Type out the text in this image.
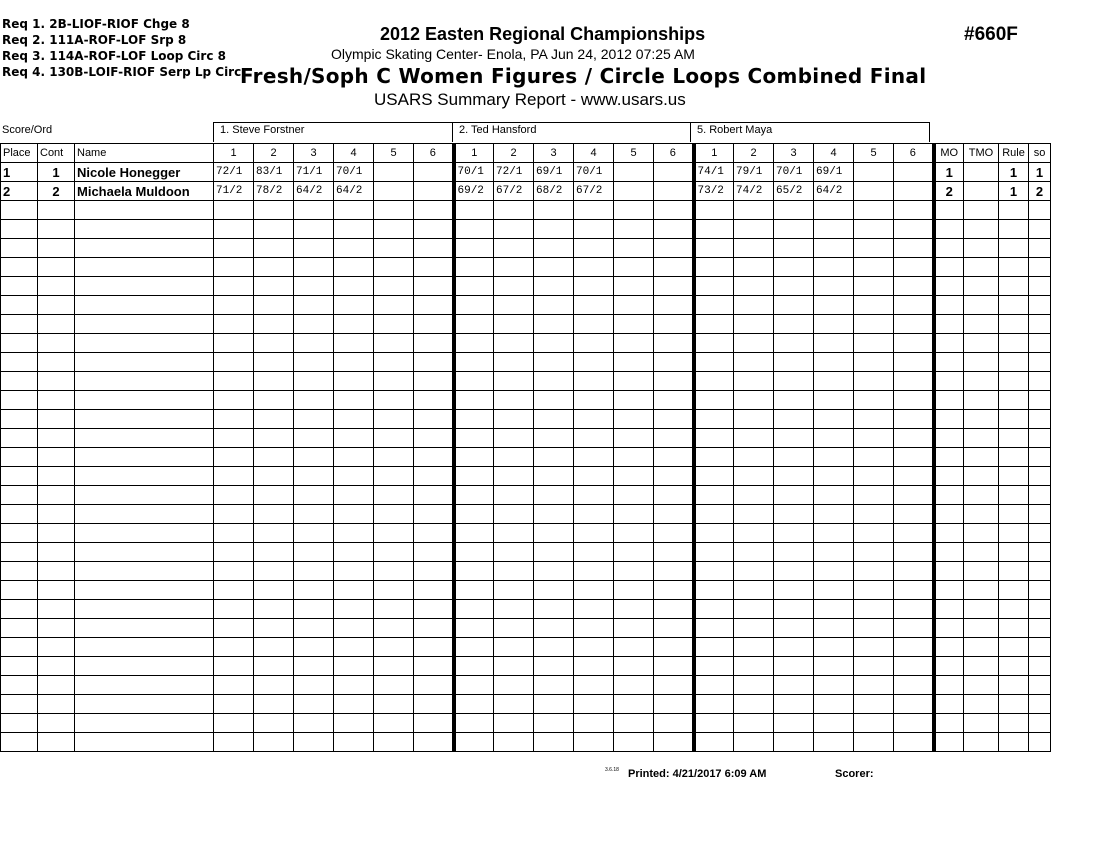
Req 1. 2B-LIOF-RIOF Chge 8
Req 2. 111A-ROF-LOF Srp 8
Req 3. 114A-ROF-LOF Loop Circ 8
Req 4. 130B-LOIF-RIOF Serp Lp Circ
2012 Easten Regional Championships
Olympic Skating Center- Enola, PA Jun 24, 2012 07:25 AM
Fresh/Soph C Women Figures / Circle Loops Combined Final
USARS Summary Report - www.usars.us
#660F
Score/Ord	1. Steve Forstner	2. Ted Hansford	5. Robert Maya
Place	Cont	Name	1	2	3	4	5	6	1	2	3	4	5	6	1	2	3	4	5	6	MO	TMO	Rule	so
1	1	Nicole Honegger	72/1	83/1	71/1	70/1			70/1	72/1	69/1	70/1			74/1	79/1	70/1	69/1			1		1	1
2	2	Michaela Muldoon	71/2	78/2	64/2	64/2			69/2	67/2	68/2	67/2			73/2	74/2	65/2	64/2			2		1	2

3.6.18 Printed: 4/21/2017 6:09 AM	Scorer:
